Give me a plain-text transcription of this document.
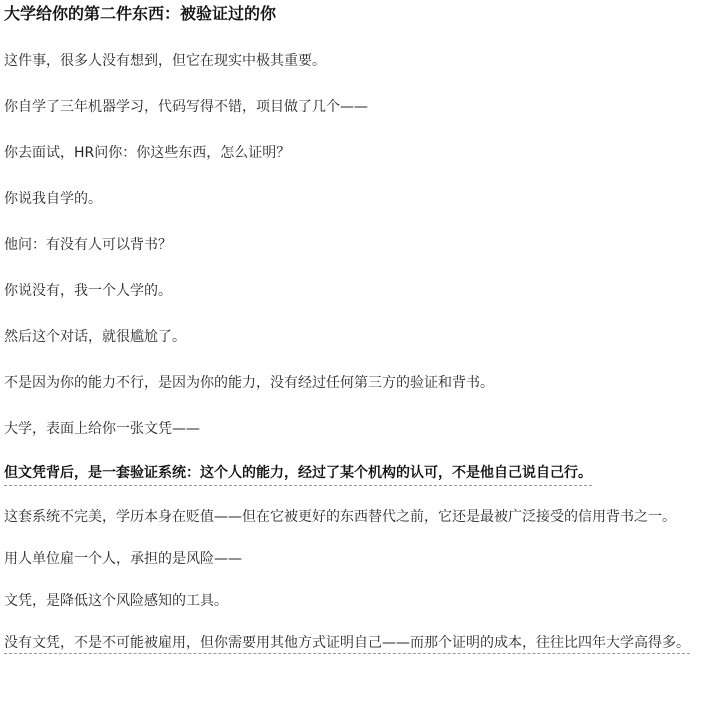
大学给你的第二件东西：被验证过的你

这件事，很多人没有想到，但它在现实中极其重要。

你自学了三年机器学习，代码写得不错，项目做了几个——

你去面试，HR问你：你这些东西，怎么证明？

你说我自学的。

他问：有没有人可以背书？

你说没有，我一个人学的。

然后这个对话，就很尴尬了。

不是因为你的能力不行，是因为你的能力，没有经过任何第三方的验证和背书。

大学，表面上给你一张文凭——

但文凭背后，是一套验证系统：这个人的能力，经过了某个机构的认可，不是他自己说自己行。

这套系统不完美，学历本身在贬值——但在它被更好的东西替代之前，它还是最被广泛接受的信用背书之一。

用人单位雇一个人，承担的是风险——

文凭，是降低这个风险感知的工具。

没有文凭，不是不可能被雇用，但你需要用其他方式证明自己——而那个证明的成本，往往比四年大学高得多。
